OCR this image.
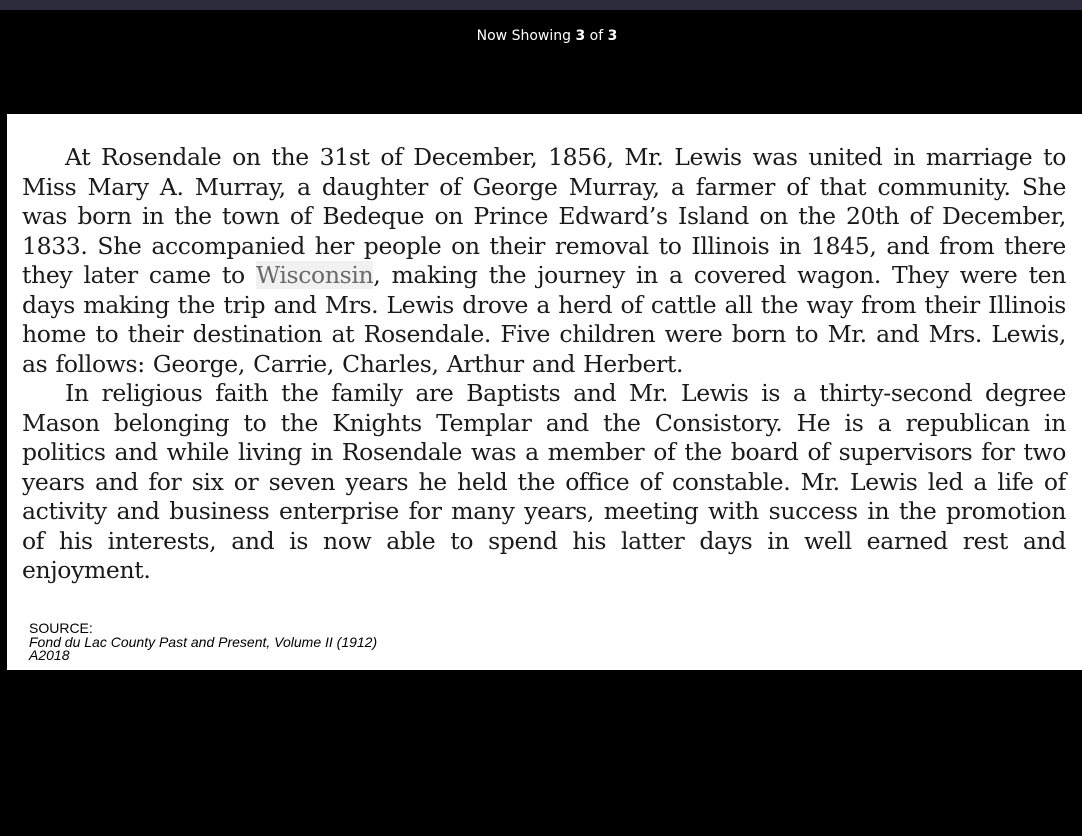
Now Showing 3 of 3

At Rosendale on the 31st of December, 1856, Mr. Lewis was united in marriage to Miss Mary A. Murray, a daughter of George Murray, a farmer of that community. She was born in the town of Bedeque on Prince Edward’s Island on the 20th of December, 1833. She accompanied her people on their removal to Illinois in 1845, and from there they later came to Wisconsin, making the journey in a covered wagon. They were ten days making the trip and Mrs. Lewis drove a herd of cattle all the way from their Illinois home to their destination at Rosendale. Five children were born to Mr. and Mrs. Lewis, as follows: George, Carrie, Charles, Arthur and Herbert.

In religious faith the family are Baptists and Mr. Lewis is a thirty-second degree Mason belonging to the Knights Templar and the Consistory. He is a republican in politics and while living in Rosendale was a member of the board of supervisors for two years and for six or seven years he held the office of constable. Mr. Lewis led a life of activity and business enterprise for many years, meeting with success in the promotion of his interests, and is now able to spend his latter days in well earned rest and enjoyment.

SOURCE:
Fond du Lac County Past and Present, Volume II (1912)
A2018
